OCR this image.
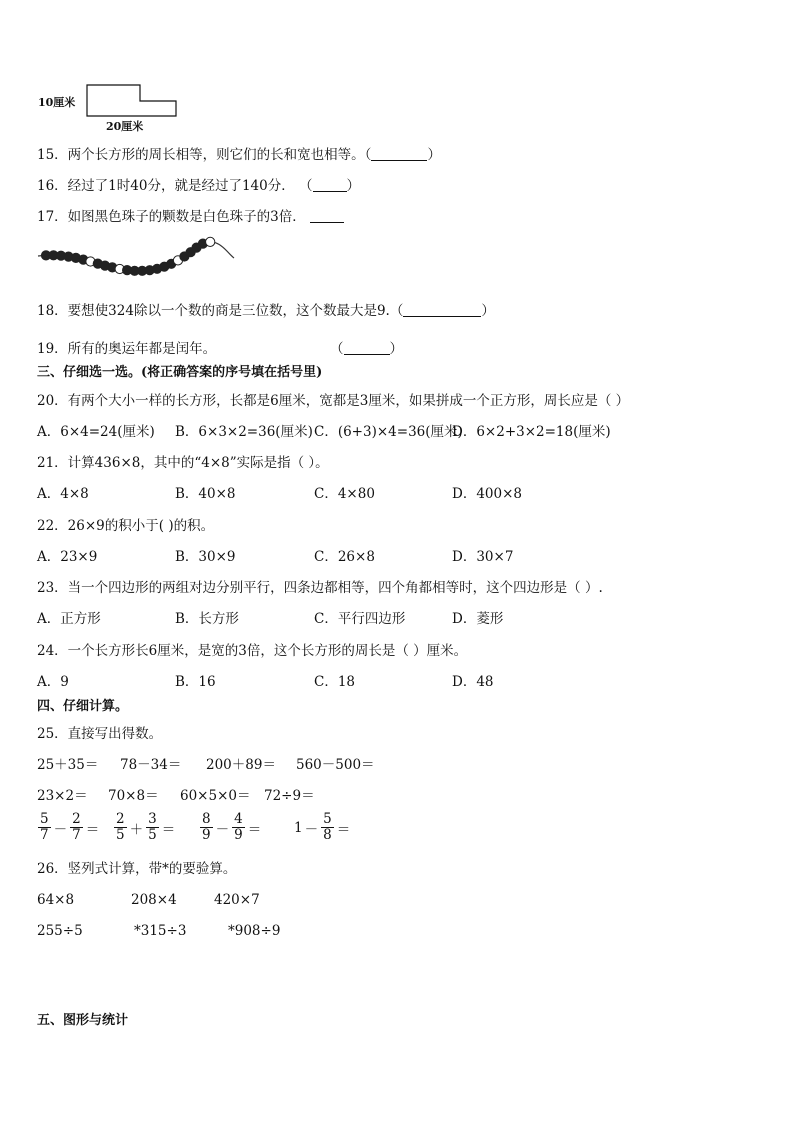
10厘米
20厘米
15．两个长方形的周长相等，则它们的长和宽也相等。（	）
16．经过了1时40分，就是经过了140分． （	）
17．如图黑色珠子的颗数是白色珠子的3倍．
18．要想使324除以一个数的商是三位数，这个数最大是9.（	）
19．所有的奥运年都是闰年。	（	）
三、仔细选一选。(将正确答案的序号填在括号里)
20．有两个大小一样的长方形，长都是6厘米，宽都是3厘米，如果拼成一个正方形，周长应是（ ）
A．6×4=24(厘米) B．6×3×2=36(厘米) C．(6+3)×4=36(厘米)
D．6×2+3×2=18(厘米)
21．计算436×8，其中的“4×8”实际是指（ ）。
A．4×8	B．40×8	C．4×80	D．400×8
22．26×9的积小于( )的积。
A．23×9	B．30×9	C．26×8	D．30×7
23．当一个四边形的两组对边分别平行，四条边都相等，四个角都相等时，这个四边形是（ ）.
A．正方形	B．长方形	C．平行四边形	D．菱形
24．一个长方形长6厘米，是宽的3倍，这个长方形的周长是（ ）厘米。
A．9	B．16	C．18	D．48
四、仔细计算。
25．直接写出得数。
25＋35＝ 78－34＝ 200＋89＝ 560－500＝
23×2＝ 70×8＝ 60×5×0＝ 72÷9＝
$\frac{5}{7} - \frac{2}{7} = \frac{2}{5} + \frac{3}{5} = \frac{8}{9} - \frac{4}{9} = 1 - \frac{5}{8}$ ＝
26．竖列式计算，带*的要验算。
64×8	208×4	420×7
255÷5	*315÷3	*908÷9
五、图形与统计
